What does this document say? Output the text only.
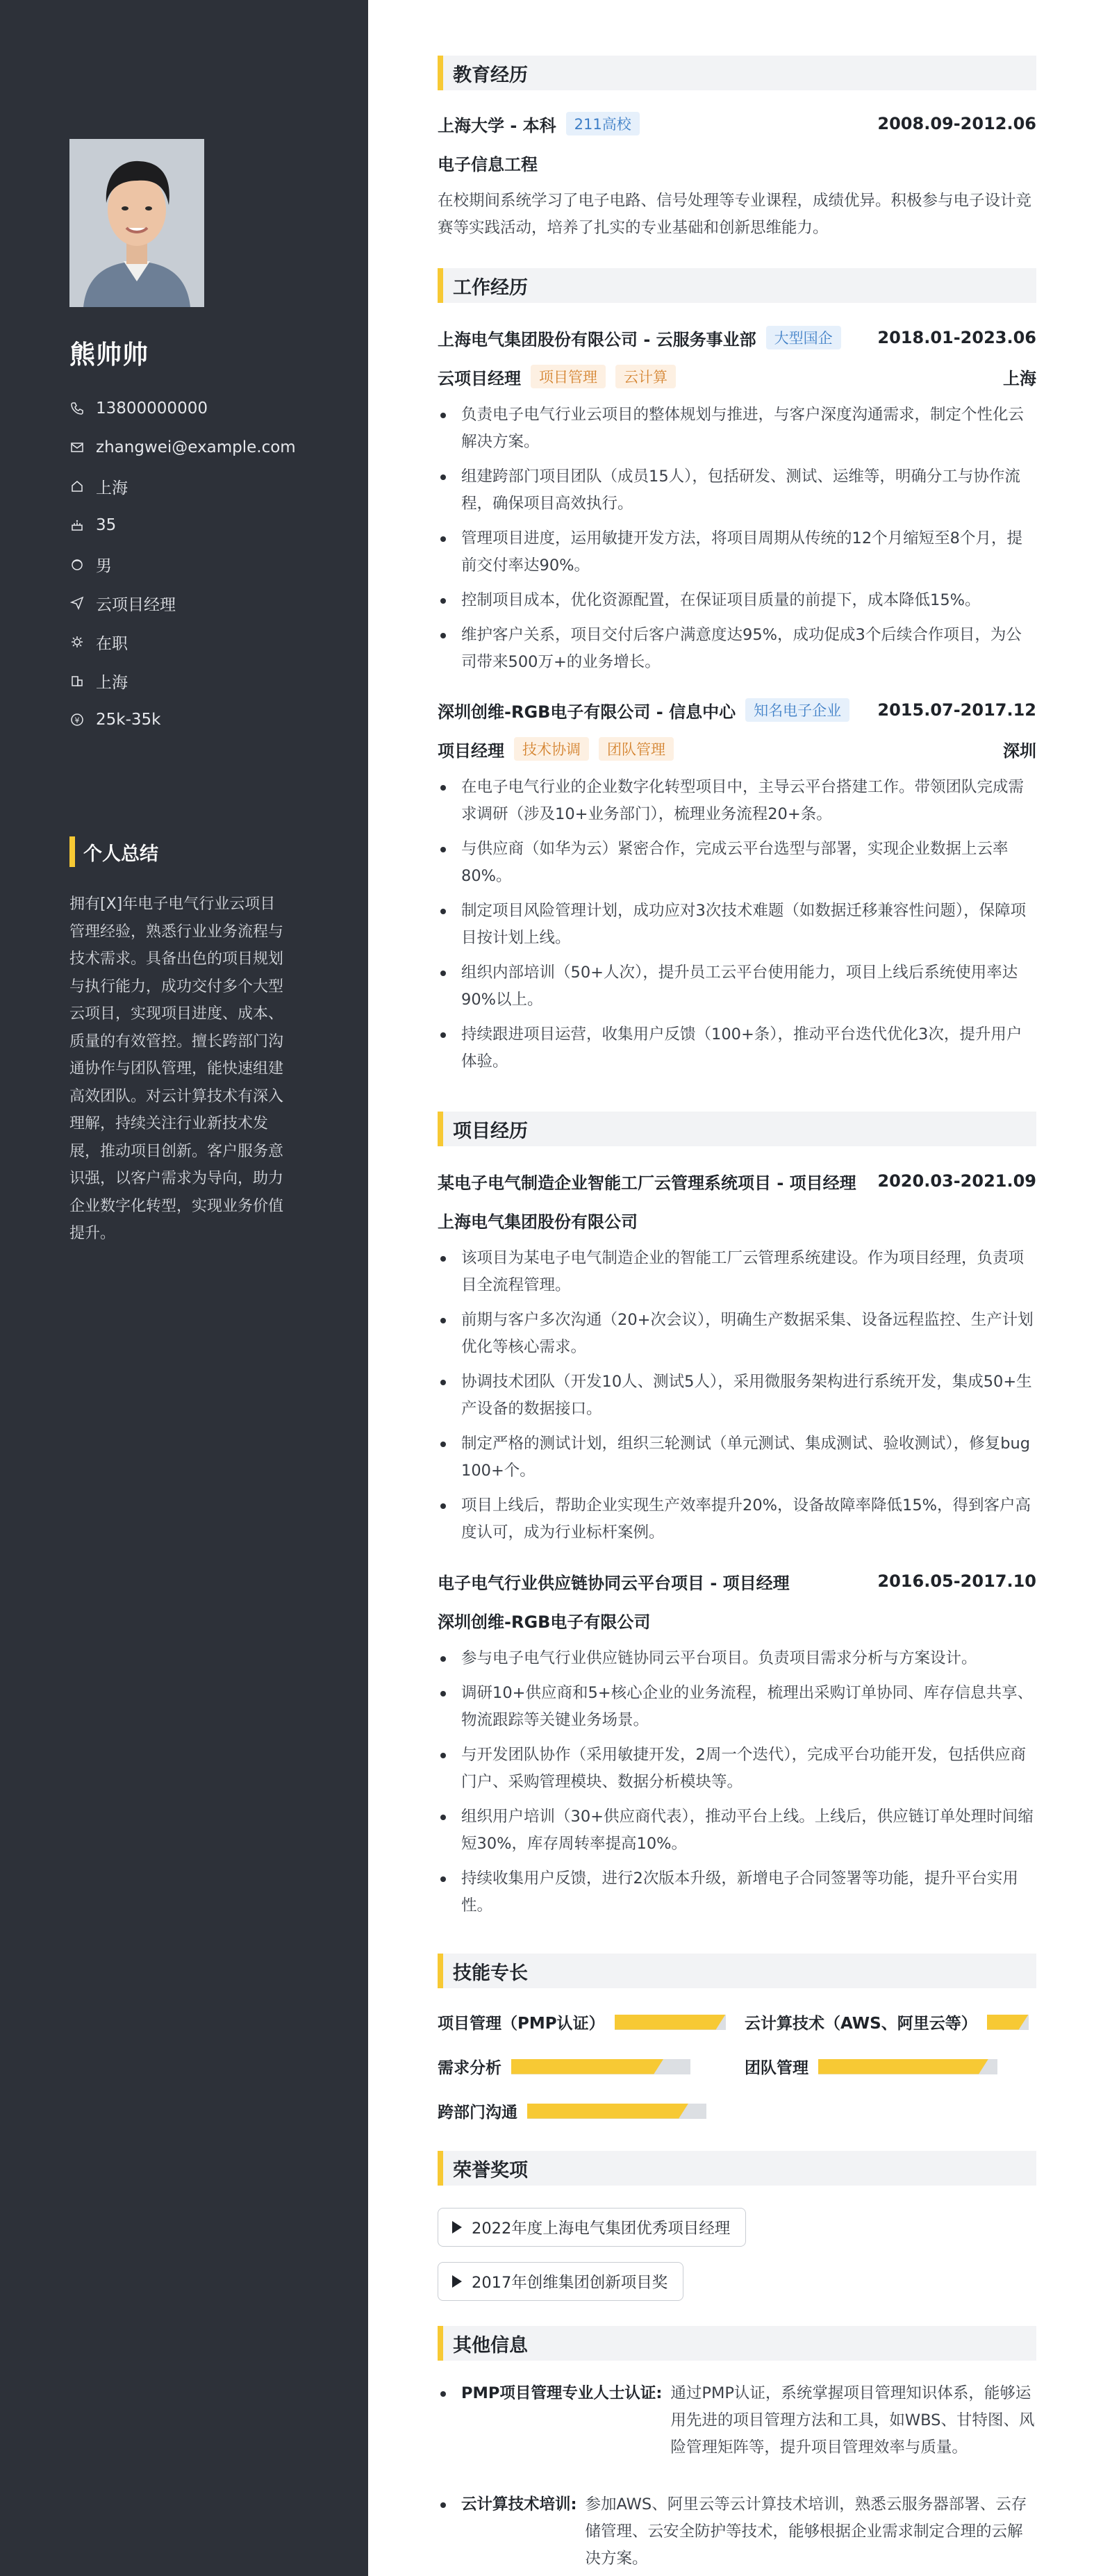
熊帅帅
13800000000
zhangwei@example.com
上海
35
男
云项目经理
在职
上海
¥ 25k-35k
个人总结
拥有[X]年电子电气行业云项目管理经验，熟悉行业业务流程与技术需求。具备出色的项目规划与执行能力，成功交付多个大型云项目，实现项目进度、成本、质量的有效管控。擅长跨部门沟通协作与团队管理，能快速组建高效团队。对云计算技术有深入理解，持续关注行业新技术发展，推动项目创新。客户服务意识强，以客户需求为导向，助力企业数字化转型，实现业务价值提升。
教育经历
上海大学 - 本科	211高校	2008.09-2012.06
电子信息工程
在校期间系统学习了电子电路、信号处理等专业课程，成绩优异。积极参与电子设计竞赛等实践活动，培养了扎实的专业基础和创新思维能力。
工作经历
上海电气集团股份有限公司 - 云服务事业部	大型国企	2018.01-2023.06
云项目经理	项目管理	云计算	上海
负责电子电气行业云项目的整体规划与推进，与客户深度沟通需求，制定个性化云解决方案。
组建跨部门项目团队（成员15人），包括研发、测试、运维等，明确分工与协作流程，确保项目高效执行。
管理项目进度，运用敏捷开发方法，将项目周期从传统的12个月缩短至8个月，提前交付率达90%。
控制项目成本，优化资源配置，在保证项目质量的前提下，成本降低15%。
维护客户关系，项目交付后客户满意度达95%，成功促成3个后续合作项目，为公司带来500万+的业务增长。
深圳创维-RGB电子有限公司 - 信息中心	知名电子企业	2015.07-2017.12
项目经理	技术协调	团队管理	深圳
在电子电气行业的企业数字化转型项目中，主导云平台搭建工作。带领团队完成需求调研（涉及10+业务部门），梳理业务流程20+条。
与供应商（如华为云）紧密合作，完成云平台选型与部署，实现企业数据上云率80%。
制定项目风险管理计划，成功应对3次技术难题（如数据迁移兼容性问题），保障项目按计划上线。
组织内部培训（50+人次），提升员工云平台使用能力，项目上线后系统使用率达90%以上。
持续跟进项目运营，收集用户反馈（100+条），推动平台迭代优化3次，提升用户体验。
项目经历
某电子电气制造企业智能工厂云管理系统项目 - 项目经理 2020.03-2021.09
上海电气集团股份有限公司
该项目为某电子电气制造企业的智能工厂云管理系统建设。作为项目经理，负责项目全流程管理。
前期与客户多次沟通（20+次会议），明确生产数据采集、设备远程监控、生产计划优化等核心需求。
协调技术团队（开发10人、测试5人），采用微服务架构进行系统开发，集成50+生产设备的数据接口。
制定严格的测试计划，组织三轮测试（单元测试、集成测试、验收测试），修复bug 100+个。
项目上线后，帮助企业实现生产效率提升20%，设备故障率降低15%，得到客户高度认可，成为行业标杆案例。
电子电气行业供应链协同云平台项目 - 项目经理	2016.05-2017.10
深圳创维-RGB电子有限公司
参与电子电气行业供应链协同云平台项目。负责项目需求分析与方案设计。
调研10+供应商和5+核心企业的业务流程，梳理出采购订单协同、库存信息共享、物流跟踪等关键业务场景。
与开发团队协作（采用敏捷开发，2周一个迭代），完成平台功能开发，包括供应商门户、采购管理模块、数据分析模块等。
组织用户培训（30+供应商代表），推动平台上线。上线后，供应链订单处理时间缩短30%，库存周转率提高10%。
持续收集用户反馈，进行2次版本升级，新增电子合同签署等功能，提升平台实用性。
技能专长
项目管理（PMP认证）	云计算技术（AWS、阿里云等）
需求分析	团队管理
跨部门沟通
荣誉奖项
2022年度上海电气集团优秀项目经理
2017年创维集团创新项目奖
其他信息
PMP项目管理专业人士认证: 通过PMP认证，系统掌握项目管理知识体系，能够运用先进的项目管理方法和工具，如WBS、甘特图、风险管理矩阵等，提升项目管理效率与质量。
云计算技术培训: 参加AWS、阿里云等云计算技术培训，熟悉云服务器部署、云存储管理、云安全防护等技术，能够根据企业需求制定合理的云解决方案。
